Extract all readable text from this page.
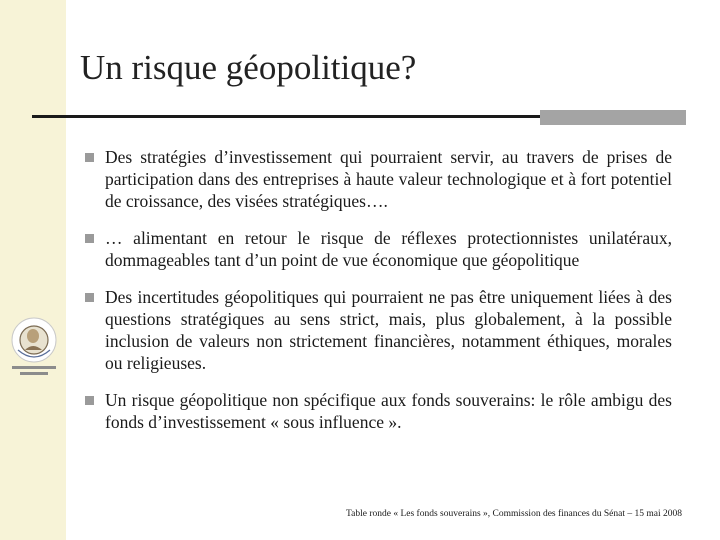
Un risque géopolitique?
Des stratégies d’investissement qui pourraient servir, au travers de prises de participation dans des entreprises à haute valeur technologique et à fort potentiel de croissance, des visées stratégiques….
… alimentant en retour le risque de réflexes protectionnistes unilatéraux, dommageables tant d’un point de vue économique que géopolitique
Des incertitudes géopolitiques qui pourraient ne pas être uniquement liées à des questions stratégiques au sens strict, mais, plus globalement, à la possible inclusion de valeurs non strictement financières, notamment éthiques, morales ou religieuses.
Un risque géopolitique non spécifique aux fonds souverains: le rôle ambigu des fonds d’investissement « sous influence ».
Table ronde « Les fonds souverains », Commission des finances du Sénat – 15 mai 2008
